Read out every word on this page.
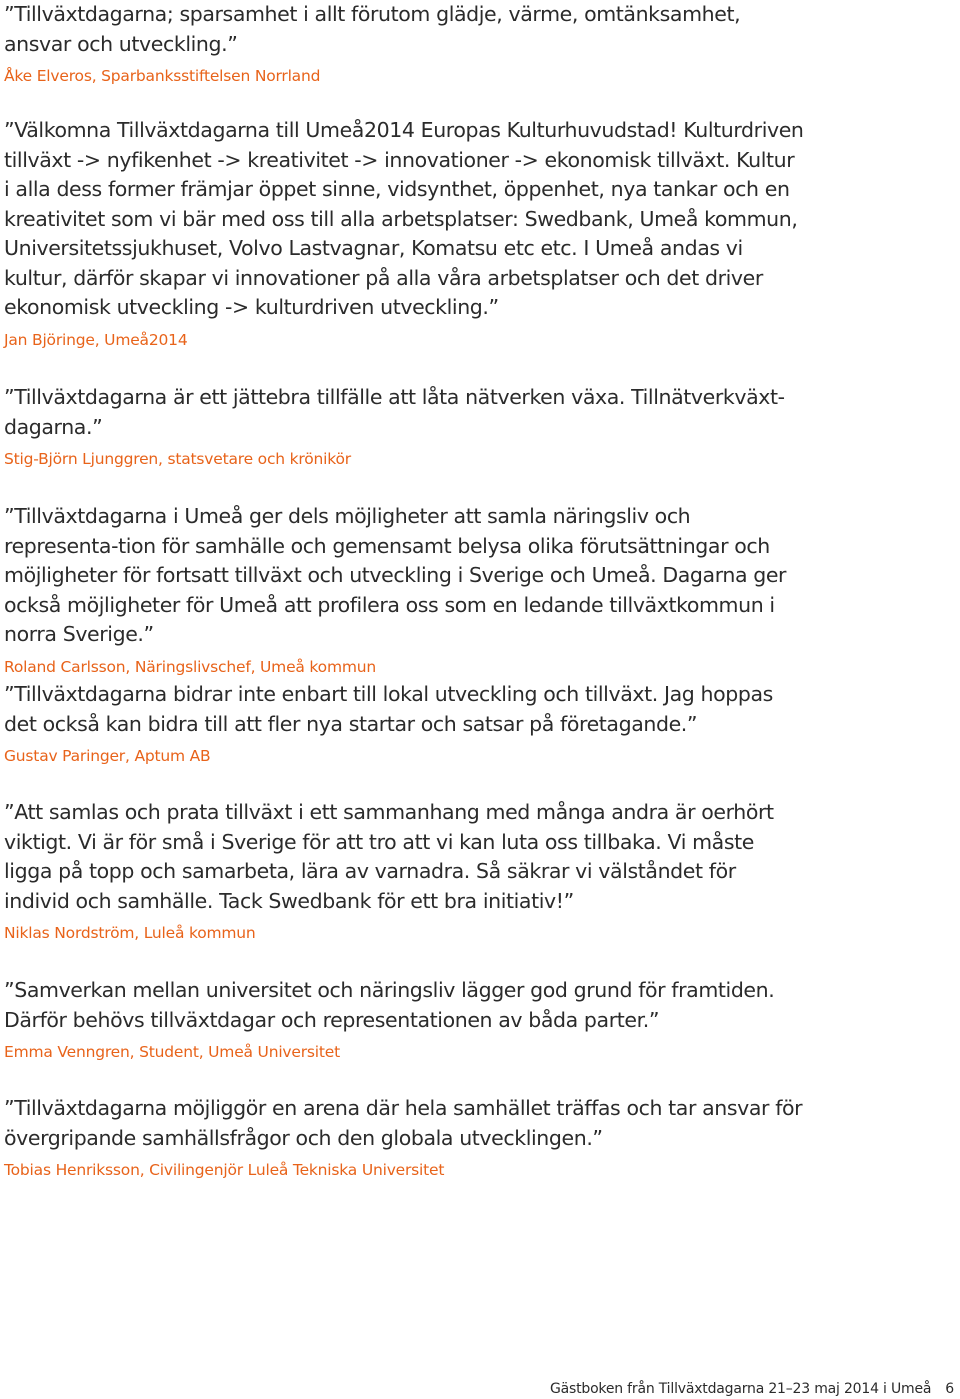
”Tillväxtdagarna; sparsamhet i allt förutom glädje, värme, omtänksamhet, ansvar och utveckling.”

Åke Elveros, Sparbanksstiftelsen Norrland

”Välkomna Tillväxtdagarna till Umeå2014 Europas Kulturhuvudstad! Kulturdriven tillväxt -> nyfikenhet -> kreativitet -> innovationer -> ekonomisk tillväxt. Kultur i alla dess former främjar öppet sinne, vidsynthet, öppenhet, nya tankar och en kreativitet som vi bär med oss till alla arbetsplatser: Swedbank, Umeå kommun, Universitetssjukhuset, Volvo Lastvagnar, Komatsu etc etc. I Umeå andas vi kultur, därför skapar vi innovationer på alla våra arbetsplatser och det driver ekonomisk utveckling -> kulturdriven utveckling.”

Jan Björinge, Umeå2014

”Tillväxtdagarna är ett jättebra tillfälle att låta nätverken växa. Tillnätverkväxt-dagarna.”

Stig-Björn Ljunggren, statsvetare och krönikör

”Tillväxtdagarna i Umeå ger dels möjligheter att samla näringsliv och representa-tion för samhälle och gemensamt belysa olika förutsättningar och möjligheter för fortsatt tillväxt och utveckling i Sverige och Umeå. Dagarna ger också möjligheter för Umeå att profilera oss som en ledande tillväxtkommun i norra Sverige.”

Roland Carlsson, Näringslivschef, Umeå kommun

”Tillväxtdagarna bidrar inte enbart till lokal utveckling och tillväxt. Jag hoppas det också kan bidra till att fler nya startar och satsar på företagande.”

Gustav Paringer, Aptum AB

”Att samlas och prata tillväxt i ett sammanhang med många andra är oerhört viktigt. Vi är för små i Sverige för att tro att vi kan luta oss tillbaka. Vi måste ligga på topp och samarbeta, lära av varnadra. Så säkrar vi välståndet för individ och samhälle. Tack Swedbank för ett bra initiativ!”

Niklas Nordström, Luleå kommun

”Samverkan mellan universitet och näringsliv lägger god grund för framtiden. Därför behövs tillväxtdagar och representationen av båda parter.”

Emma Venngren, Student, Umeå Universitet

”Tillväxtdagarna möjliggör en arena där hela samhället träffas och tar ansvar för övergripande samhällsfrågor och den globala utvecklingen.”

Tobias Henriksson, Civilingenjör Luleå Tekniska Universitet

Gästboken från Tillväxtdagarna 21–23 maj 2014 i Umeå 6
